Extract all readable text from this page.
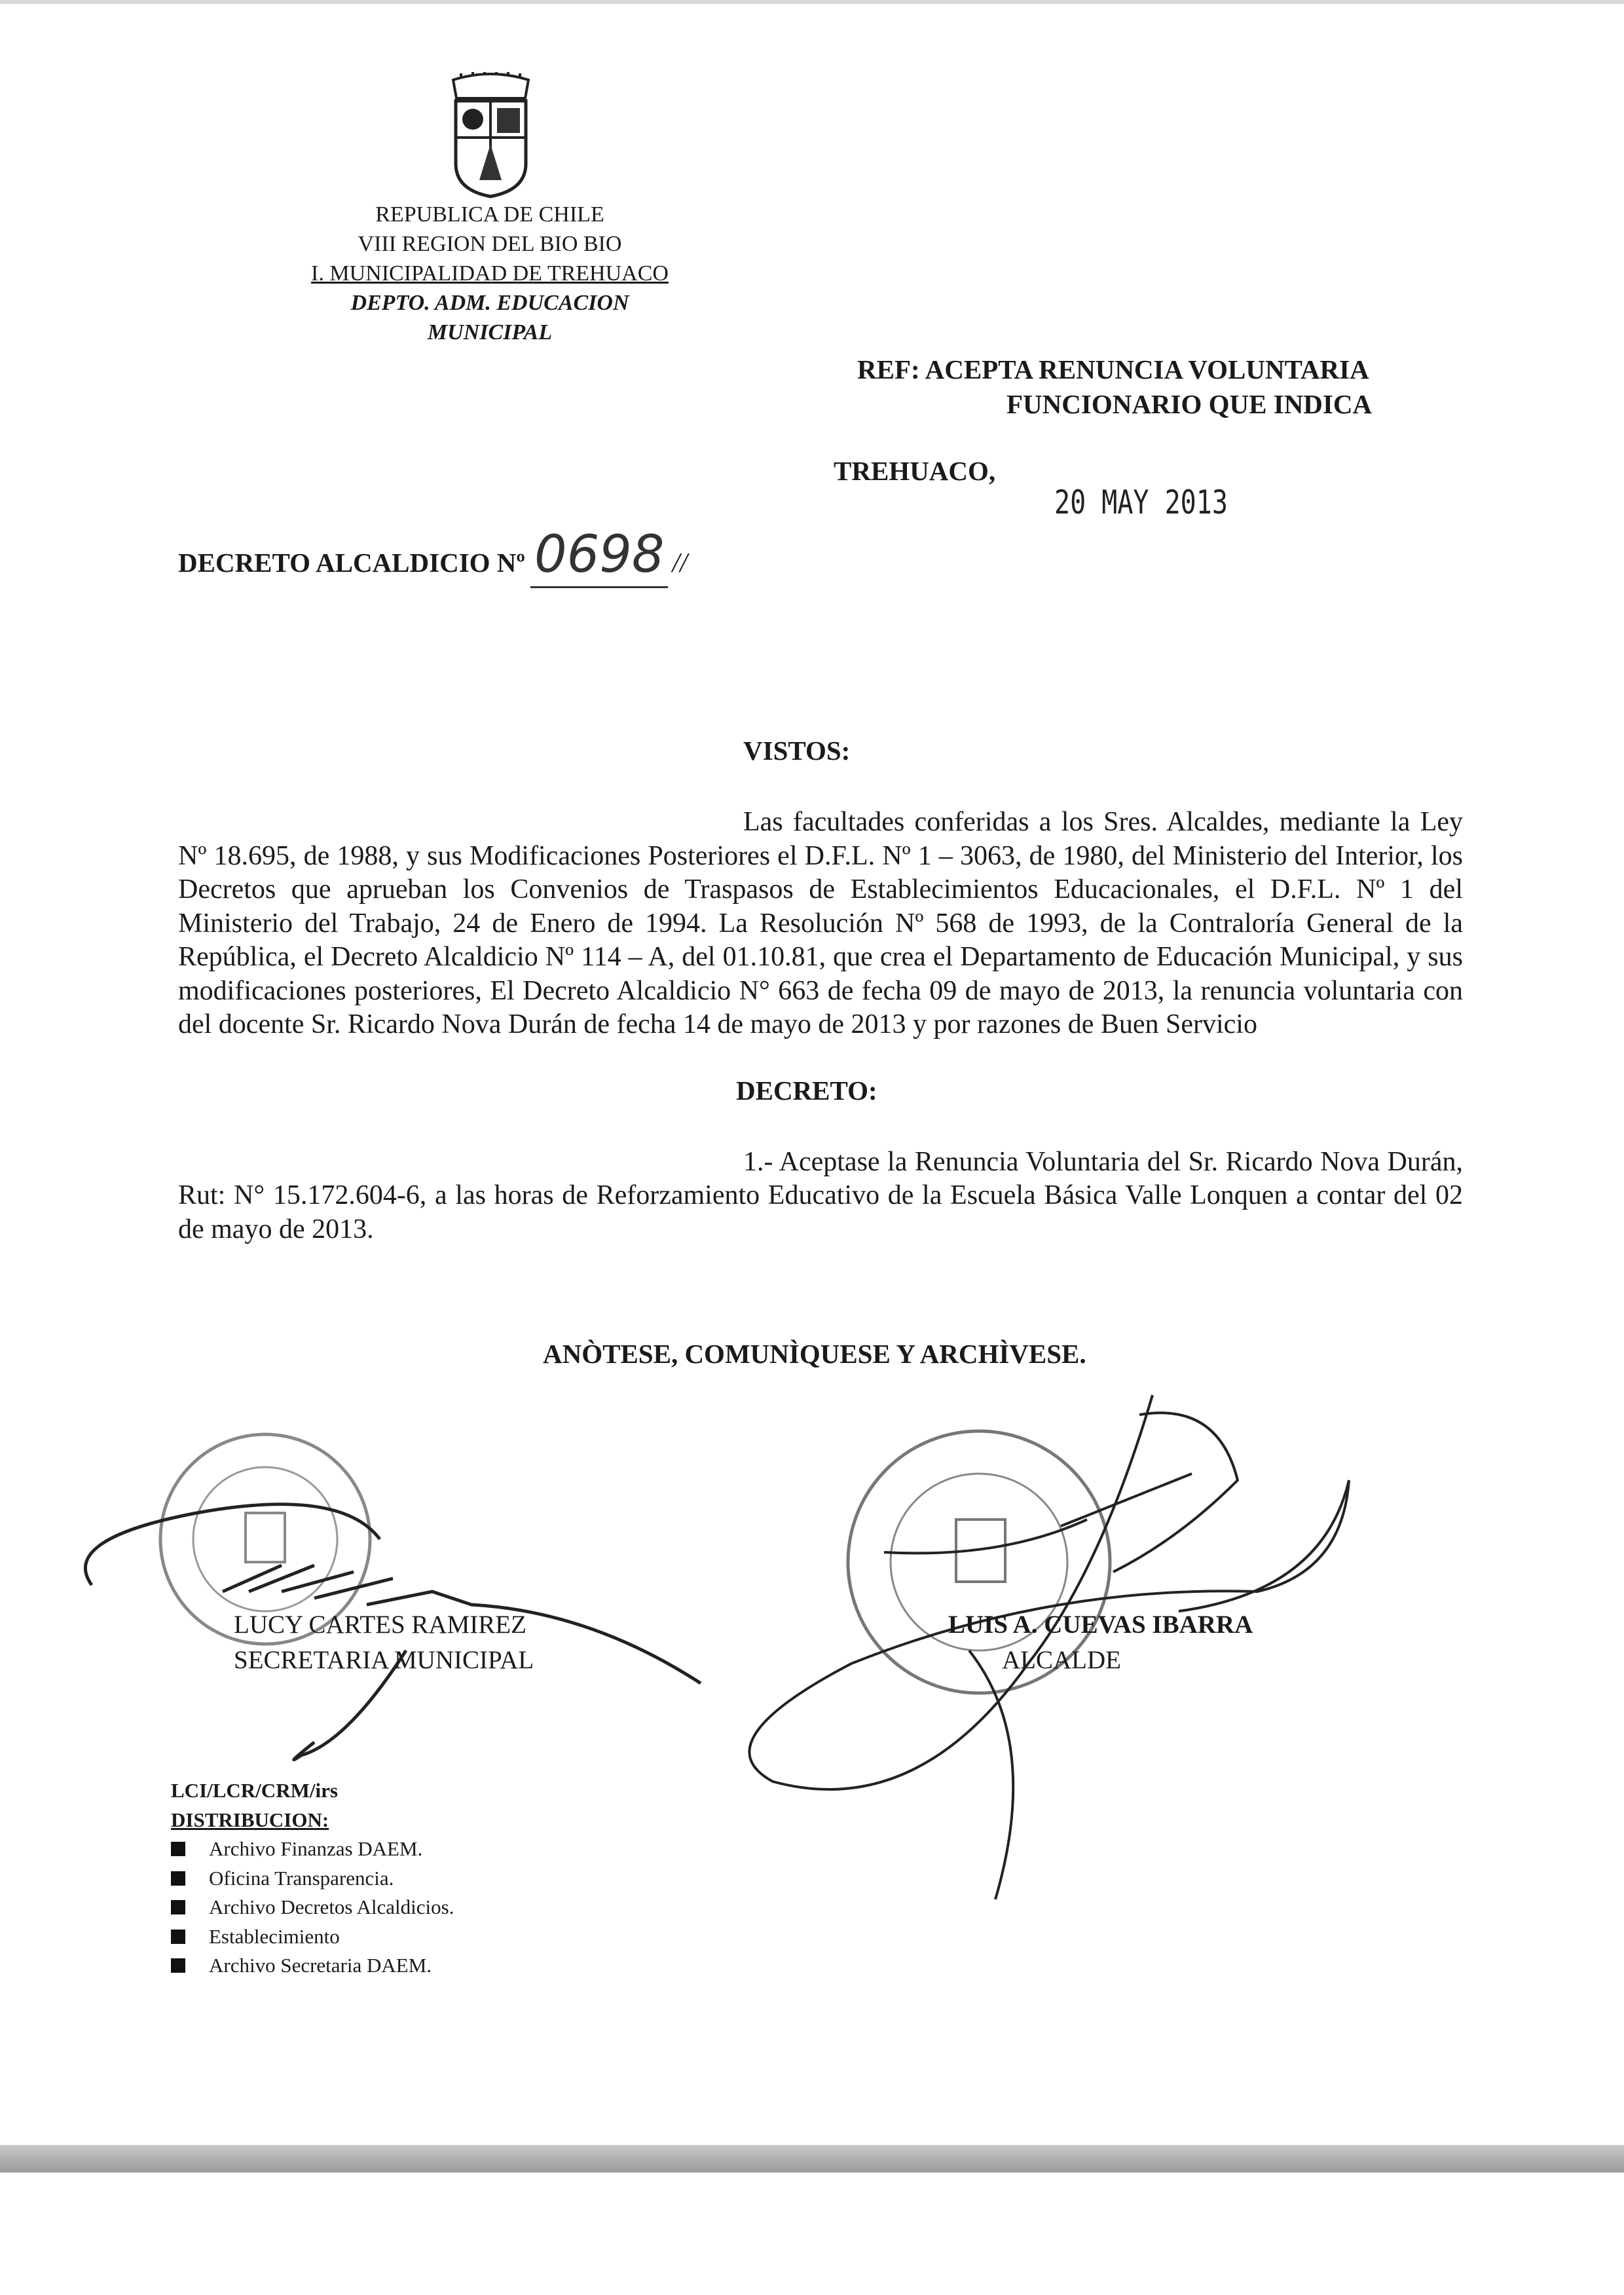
REPUBLICA DE CHILE
VIII REGION DEL BIO BIO
I. MUNICIPALIDAD DE TREHUACO
DEPTO. ADM. EDUCACION MUNICIPAL
REF: ACEPTA RENUNCIA VOLUNTARIA
FUNCIONARIO QUE INDICA
TREHUACO,
20 MAY 2013
DECRETO ALCALDICIO Nº 0698 //
VISTOS:
Las facultades conferidas a los Sres. Alcaldes, mediante la Ley Nº 18.695, de 1988, y sus Modificaciones Posteriores el D.F.L. Nº 1 – 3063, de 1980, del Ministerio del Interior, los Decretos que aprueban los Convenios de Traspasos de Establecimientos Educacionales, el D.F.L. Nº 1 del Ministerio del Trabajo, 24 de Enero de 1994. La Resolución Nº 568 de 1993, de la Contraloría General de la República, el Decreto Alcaldicio Nº 114 – A, del 01.10.81, que crea el Departamento de Educación Municipal, y sus modificaciones posteriores, El Decreto Alcaldicio N° 663 de fecha 09 de mayo de 2013, la renuncia voluntaria con del docente Sr. Ricardo Nova Durán de fecha 14 de mayo de 2013 y por razones de Buen Servicio
DECRETO:
1.- Aceptase la Renuncia Voluntaria del Sr. Ricardo Nova Durán, Rut: N° 15.172.604-6, a las horas de Reforzamiento Educativo de la Escuela Básica Valle Lonquen a contar del 02 de mayo de 2013.
ANÒTESE, COMUNÌQUESE Y ARCHÌVESE.
LUCY CARTES RAMIREZ
SECRETARIA MUNICIPAL
LUIS A. CUEVAS IBARRA
ALCALDE
LCI/LCR/CRM/irs
DISTRIBUCION:
Archivo Finanzas DAEM.
Oficina Transparencia.
Archivo Decretos Alcaldicios.
Establecimiento
Archivo Secretaria DAEM.
